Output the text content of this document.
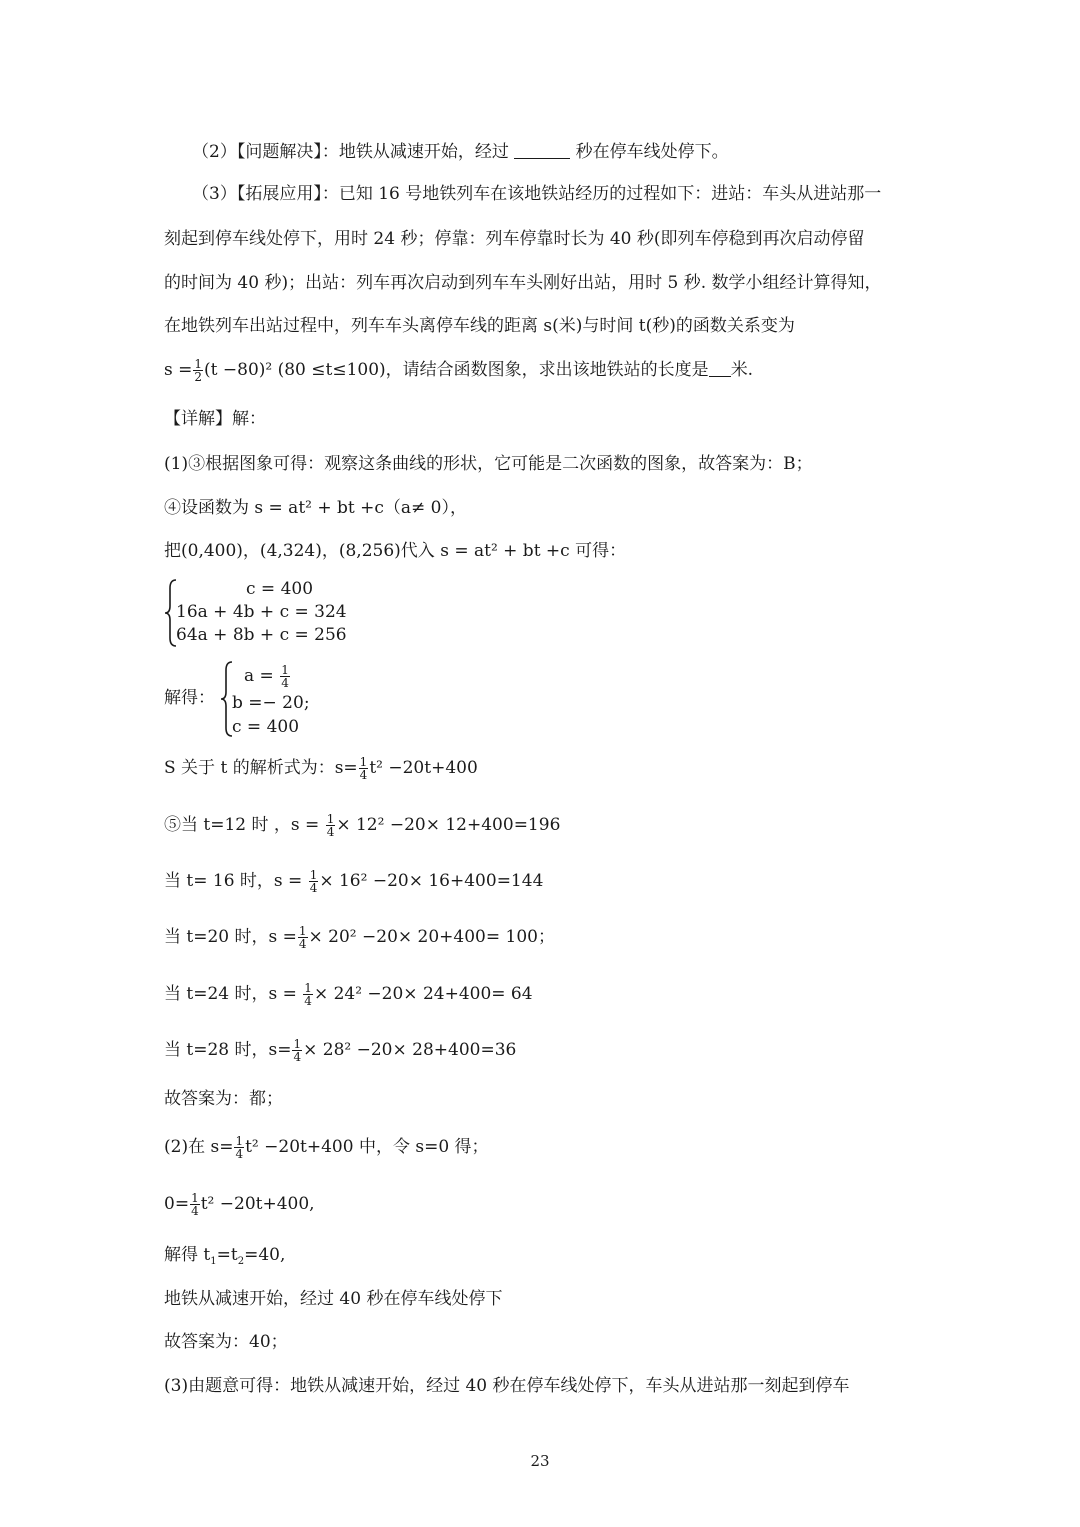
（2）【问题解决】：地铁从减速开始，经过	秒在停车线处停下。
（3）【拓展应用】：已知 16 号地铁列车在该地铁站经历的过程如下：进站：车头从进站那一
刻起到停车线处停下，用时 24 秒；停靠：列车停靠时长为 40 秒(即列车停稳到再次启动停留
的时间为 40 秒)；出站：列车再次启动到列车车头刚好出站，用时 5 秒. 数学小组经计算得知，
在地铁列车出站过程中，列车车头离停车线的距离 s(米)与时间 t(秒)的函数关系变为
$s = \frac{1}{2} (t -80)^2$ (80 ≤t≤100)，请结合函数图象，求出该地铁站的长度是 米.
【详解】解：
(1)③根据图象可得：观察这条曲线的形状，它可能是二次函数的图象，故答案为：B；
④设函数为 s = at² + bt +c（a≠ 0），
把(0,400)，(4,324)，(8,256)代入 s = at² + bt +c 可得：
c = 400
16a + 4b + c = 324
64a + 8b + c = 256
解得：
$a = \frac{1}{4}$
b =− 20;
c = 400
S 关于 t 的解析式为：$s= \frac{1}{4} t^2 -20t+400$
⑤当 t=12 时 ，$s = \frac{1}{4} \times 12^2 -20\times 12+400=196$
当 t= 16 时，$s = \frac{1}{4} \times 16^2 -20\times 16+400=144$
当 t=20 时，$s = \frac{1}{4} \times 20^2 -20\times 20+400= 100$；
当 t=24 时，$s = \frac{1}{4} \times 24^2 -20\times 24+400= 64$
当 t=28 时，$s= \frac{1}{4} \times 28^2 -20\times 28+400=36$
故答案为：都；
(2)在 $s= \frac{1}{4} t^2 -20t+400$ 中，令 s=0 得；
$0= \frac{1}{4} t^2 -20t+400$,
解得 $t_1=t_2=40$,
地铁从减速开始，经过 40 秒在停车线处停下
故答案为：40；
(3)由题意可得：地铁从减速开始，经过 40 秒在停车线处停下，车头从进站那一刻起到停车
23
